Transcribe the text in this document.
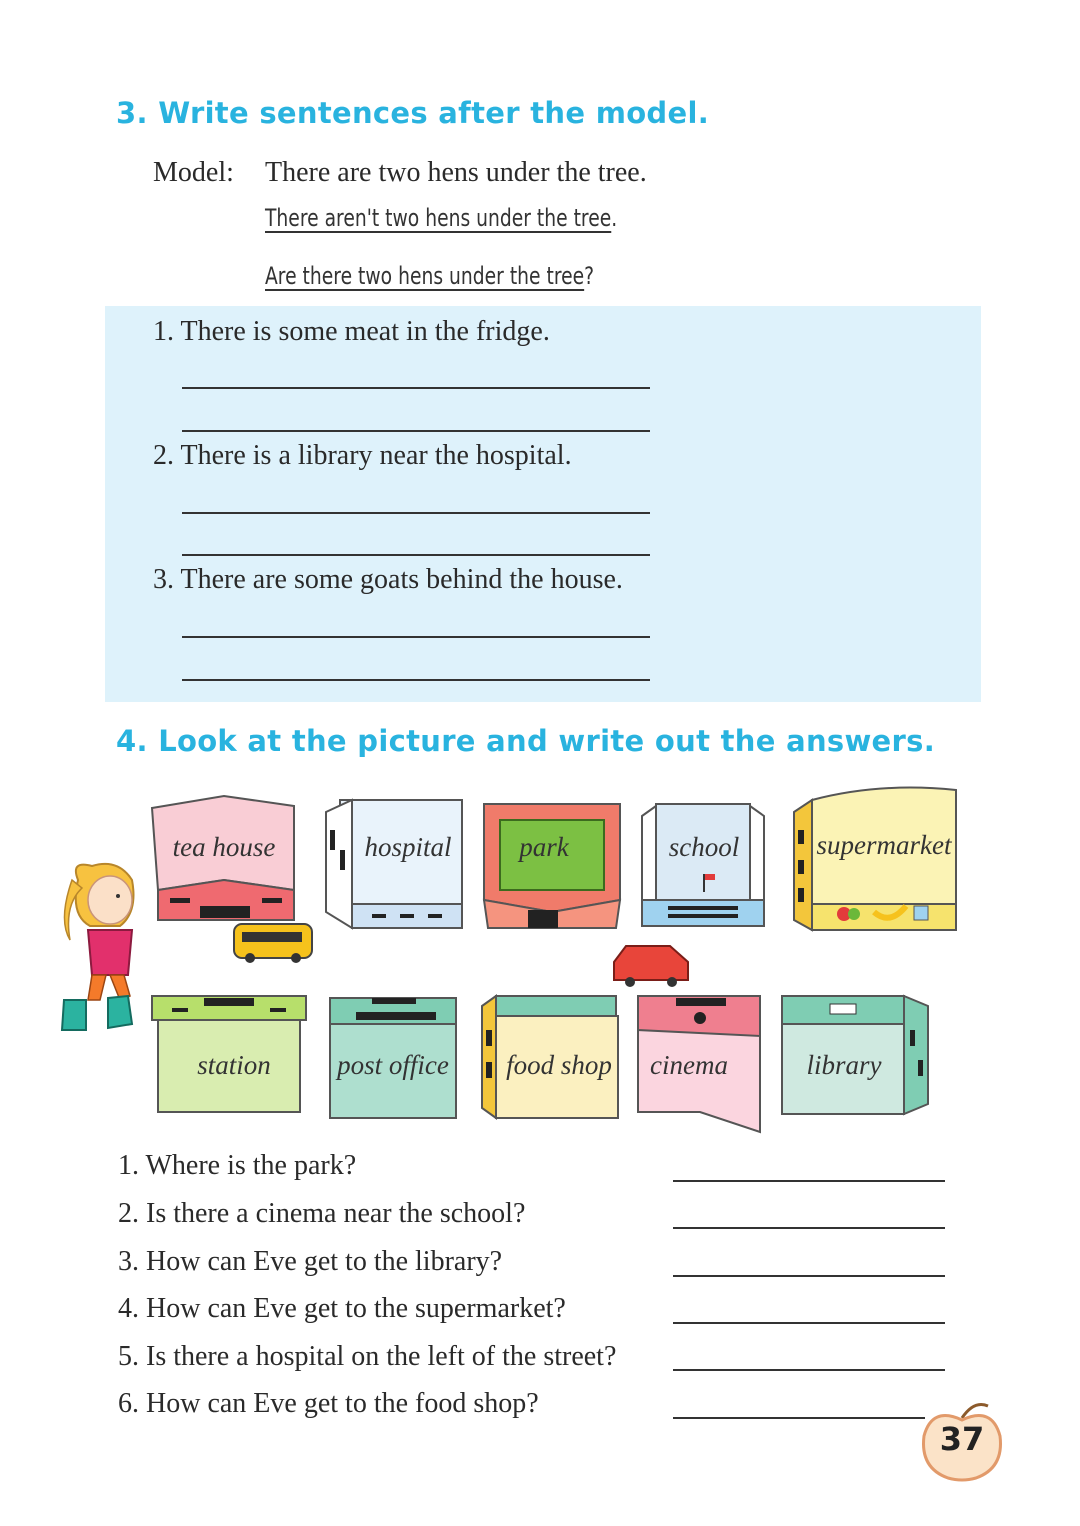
3. Write sentences after the model.
Model: There are two hens under the tree.
There aren't two hens under the tree.
Are there two hens under the tree?
1. There is some meat in the fridge.
2. There is a library near the hospital.
3. There are some goats behind the house.
4. Look at the picture and write out the answers.
tea house	hospital	park	school	supermarket
station	post office food shop	cinema	library
1. Where is the park?
2. Is there a cinema near the school?
3. How can Eve get to the library?
4. How can Eve get to the supermarket?
5. Is there a hospital on the left of the street?
6. How can Eve get to the food shop?
37
